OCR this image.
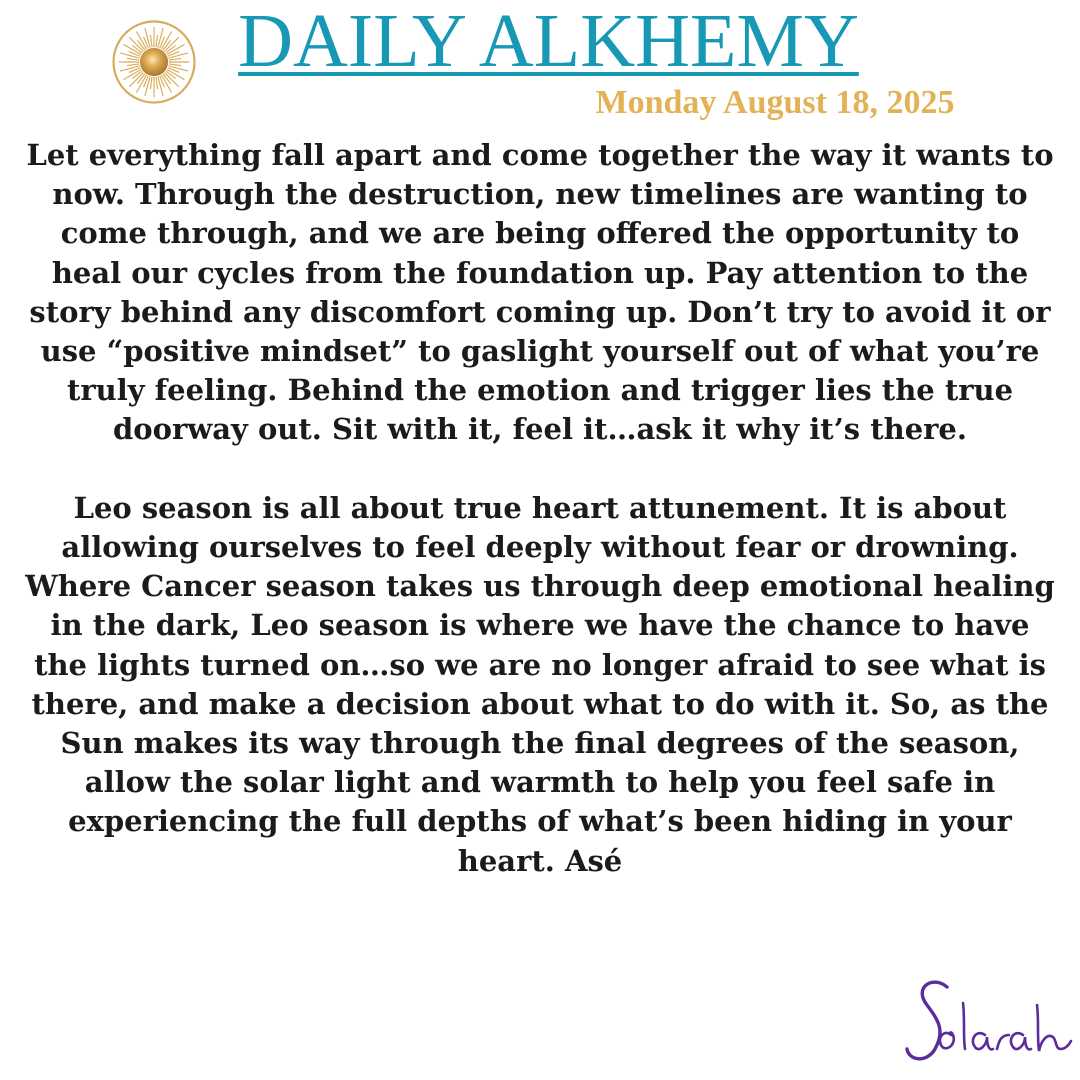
DAILY ALKHEMY
Monday August 18, 2025

Let everything fall apart and come together the way it wants to now. Through the destruction, new timelines are wanting to come through, and we are being offered the opportunity to heal our cycles from the foundation up. Pay attention to the story behind any discomfort coming up. Don’t try to avoid it or use “positive mindset” to gaslight yourself out of what you’re truly feeling. Behind the emotion and trigger lies the true doorway out. Sit with it, feel it…ask it why it’s there.

Leo season is all about true heart attunement. It is about allowing ourselves to feel deeply without fear or drowning. Where Cancer season takes us through deep emotional healing in the dark, Leo season is where we have the chance to have the lights turned on…so we are no longer afraid to see what is there, and make a decision about what to do with it. So, as the Sun makes its way through the final degrees of the season, allow the solar light and warmth to help you feel safe in experiencing the full depths of what’s been hiding in your heart. Asé
